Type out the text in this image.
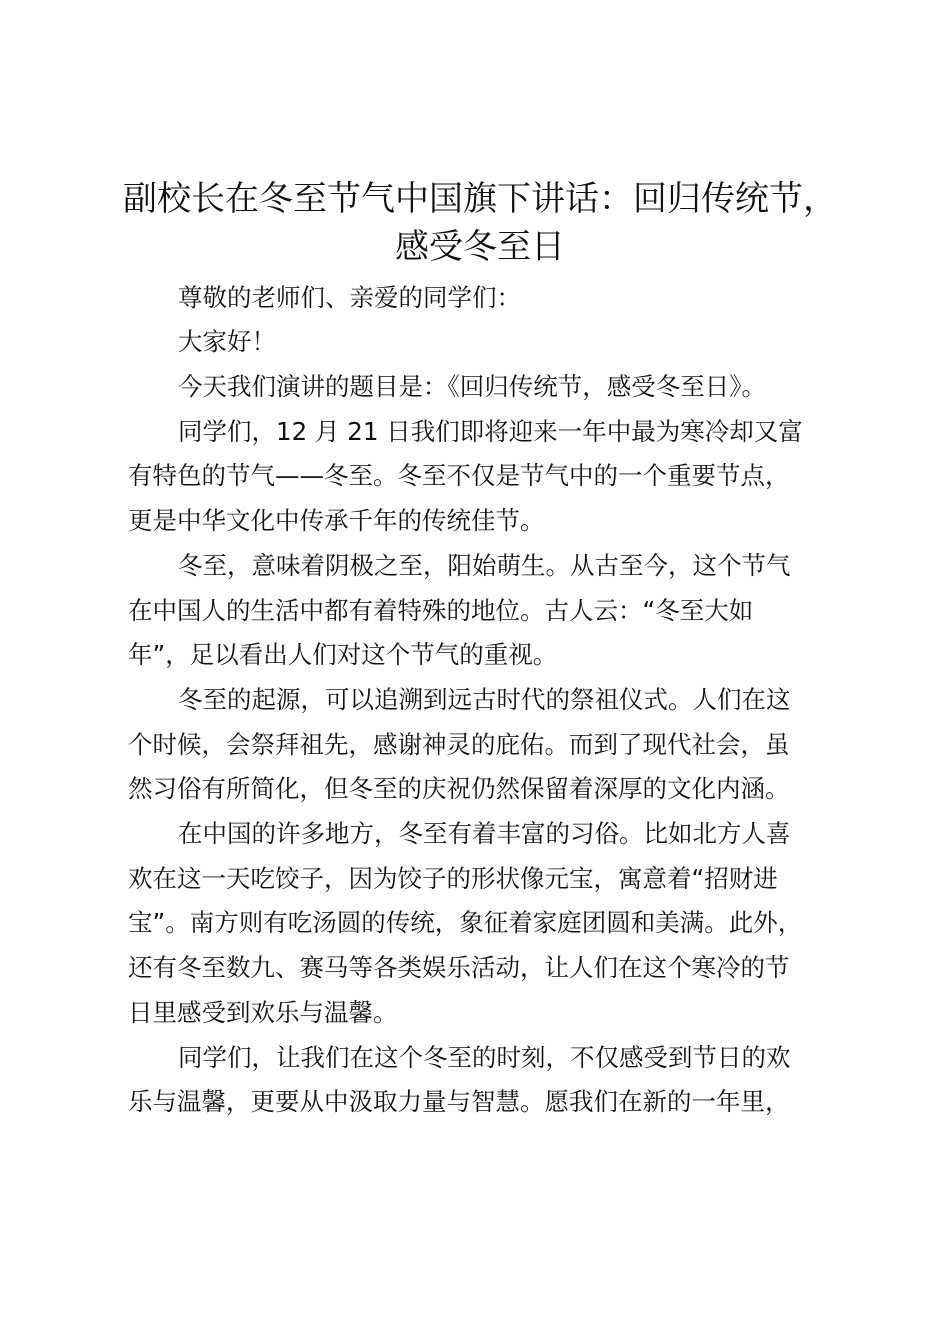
副校长在冬至节气中国旗下讲话：回归传统节，
感受冬至日

尊敬的老师们、亲爱的同学们：

大家好！

今天我们演讲的题目是：《回归传统节，感受冬至日》。

同学们，12 月 21 日我们即将迎来一年中最为寒冷却又富

有特色的节气——冬至。冬至不仅是节气中的一个重要节点，

更是中华文化中传承千年的传统佳节。

冬至，意味着阴极之至，阳始萌生。从古至今，这个节气

在中国人的生活中都有着特殊的地位。古人云：“冬至大如

年”，足以看出人们对这个节气的重视。

冬至的起源，可以追溯到远古时代的祭祖仪式。人们在这

个时候，会祭拜祖先，感谢神灵的庇佑。而到了现代社会，虽

然习俗有所简化，但冬至的庆祝仍然保留着深厚的文化内涵。

在中国的许多地方，冬至有着丰富的习俗。比如北方人喜

欢在这一天吃饺子，因为饺子的形状像元宝，寓意着“招财进

宝”。南方则有吃汤圆的传统，象征着家庭团圆和美满。此外，

还有冬至数九、赛马等各类娱乐活动，让人们在这个寒冷的节

日里感受到欢乐与温馨。

同学们，让我们在这个冬至的时刻，不仅感受到节日的欢

乐与温馨，更要从中汲取力量与智慧。愿我们在新的一年里，
